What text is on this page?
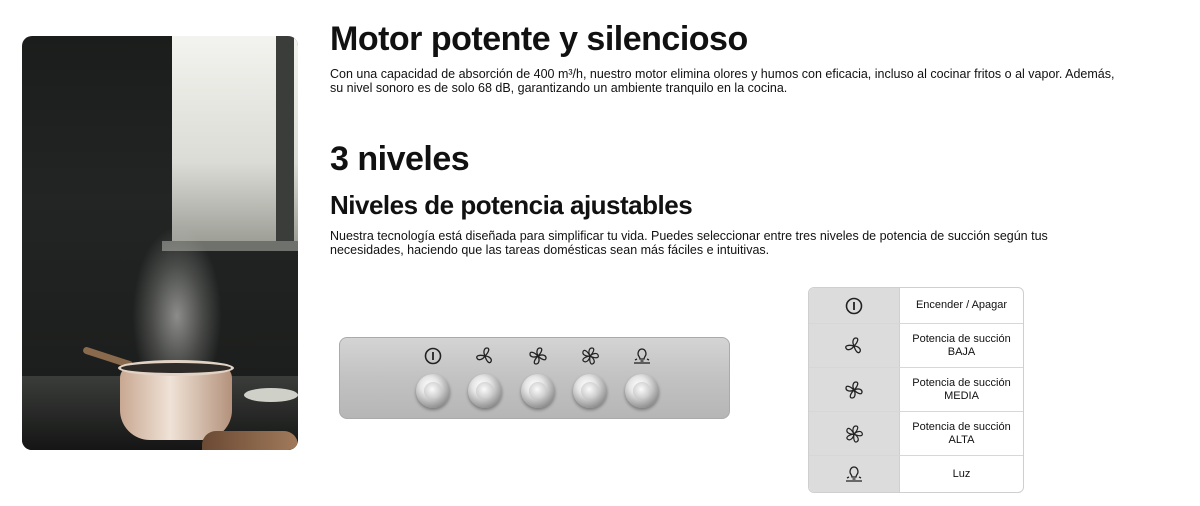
Motor potente y silencioso

Con una capacidad de absorción de 400 m³/h, nuestro motor elimina olores y humos con eficacia, incluso al cocinar fritos o al vapor. Además, su nivel sonoro es de solo 68 dB, garantizando un ambiente tranquilo en la cocina.

3 niveles
Niveles de potencia ajustables

Nuestra tecnología está diseñada para simplificar tu vida. Puedes seleccionar entre tres niveles de potencia de succión según tus necesidades, haciendo que las tareas domésticas sean más fáciles e intuitivas.

Encender / Apagar
Potencia de succión
BAJA
Potencia de succión
MEDIA
Potencia de succión
ALTA
Luz
